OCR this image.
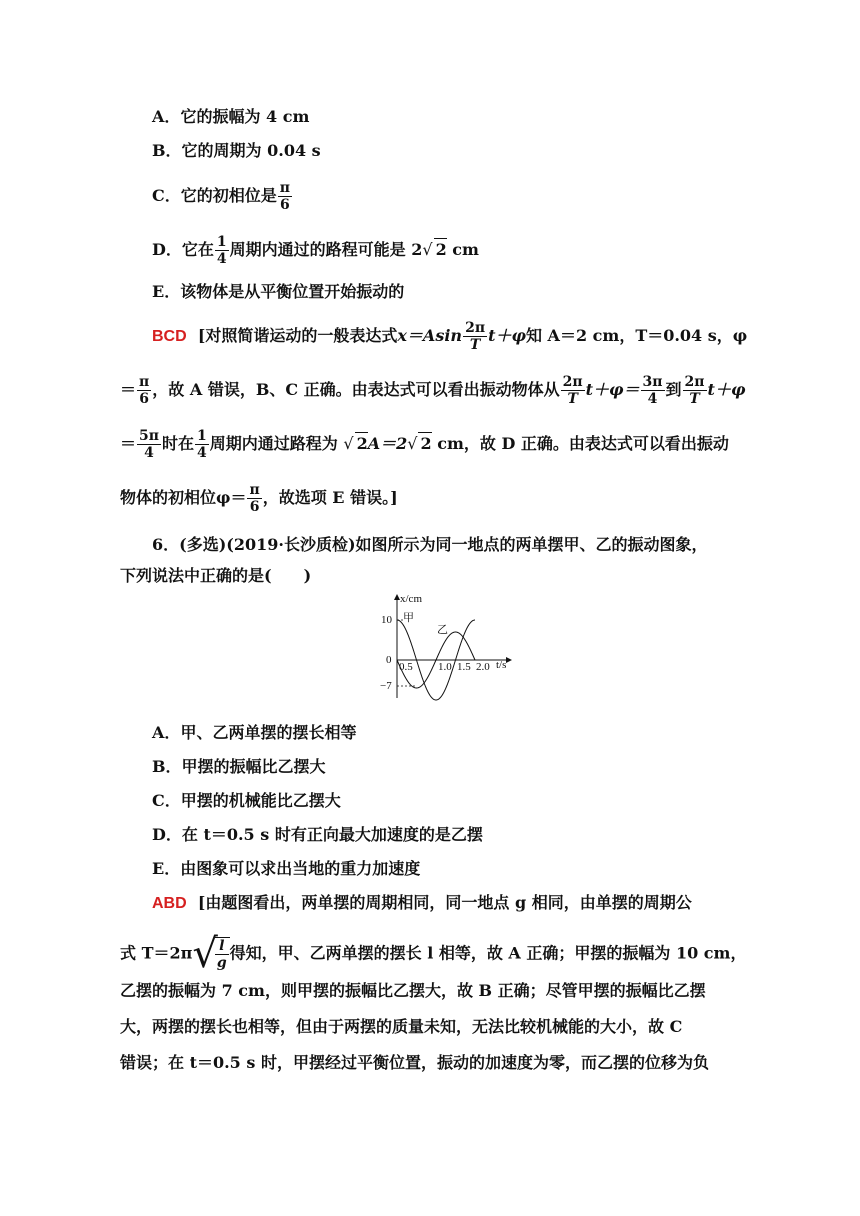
A．它的振幅为 4 cm
B．它的周期为 0.04 s
C．它的初相位是 $\frac{\pi}{6}$
D．它在 $\frac{1}{4}$ 周期内通过的路程可能是 2√ 2 cm
E．该物体是从平衡位置开始振动的
BCD [对照简谐运动的一般表达式$x=Asin \frac{2\pi}{T} t+\varphi$知 A＝2 cm，T＝0.04 s，φ
＝ $\frac{\pi}{6}$ ，故 A 错误，B、C 正确。由表达式可以看出振动物体从 $\frac{2\pi}{T} t+\varphi= \frac{3\pi}{4}$ 到 $\frac{2\pi}{T} t+\varphi$
＝ $\frac{5\pi}{4}$ 时在 $\frac{1}{4}$ 周期内通过路程为 √ 2A＝2√ 2 cm，故 D 正确。由表达式可以看出振动
物体的初相位$\varphi= \frac{\pi}{6}$ ，故选项 E 错误。]
6．(多选)(2019·长沙质检)如图所示为同一地点的两单摆甲、乙的振动图象，
下列说法中正确的是(　　)
x/cm
t/s
10
0
−7
0.5 1.0 1.5 2.0
甲
乙
A．甲、乙两单摆的摆长相等
B．甲摆的振幅比乙摆大
C．甲摆的机械能比乙摆大
D．在 t＝0.5 s 时有正向最大加速度的是乙摆
E．由图象可以求出当地的重力加速度
ABD [由题图看出，两单摆的周期相同，同一地点 g 相同，由单摆的周期公
式 T＝2π√
$\frac{l}{g}$ 得知，甲、乙两单摆的摆长 l 相等，故 A 正确；甲摆的振幅为 10 cm，
乙摆的振幅为 7 cm，则甲摆的振幅比乙摆大，故 B 正确；尽管甲摆的振幅比乙摆
大，两摆的摆长也相等，但由于两摆的质量未知，无法比较机械能的大小，故 C
错误；在 t＝0.5 s 时，甲摆经过平衡位置，振动的加速度为零，而乙摆的位移为负
